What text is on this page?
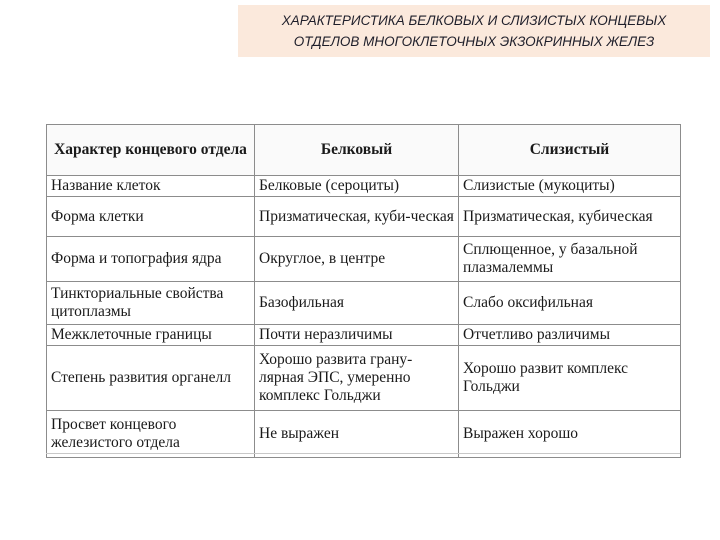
ХАРАКТЕРИСТИКА БЕЛКОВЫХ И СЛИЗИСТЫХ КОНЦЕВЫХ
ОТДЕЛОВ МНОГОКЛЕТОЧНЫХ ЭКЗОКРИННЫХ ЖЕЛЕЗ
Характер концевого отдела	Белковый	Слизистый
Название клеток	Белковые (сероциты)	Слизистые (мукоциты)
Форма клетки	Призматическая, куби-ческая	Призматическая, кубическая
Форма и топография ядра	Округлое, в центре	Сплющенное, у базальной плазмалеммы
Тинкториальные свойства цитоплазмы	Базофильная	Слабо оксифильная
Межклеточные границы	Почти неразличимы	Отчетливо различимы
Степень развития органелл	Хорошо развита грану-лярная ЭПС, умеренно комплекс Гольджи	Хорошо развит комплекс Гольджи
Просвет концевого железистого отдела	Не выражен	Выражен хорошо
